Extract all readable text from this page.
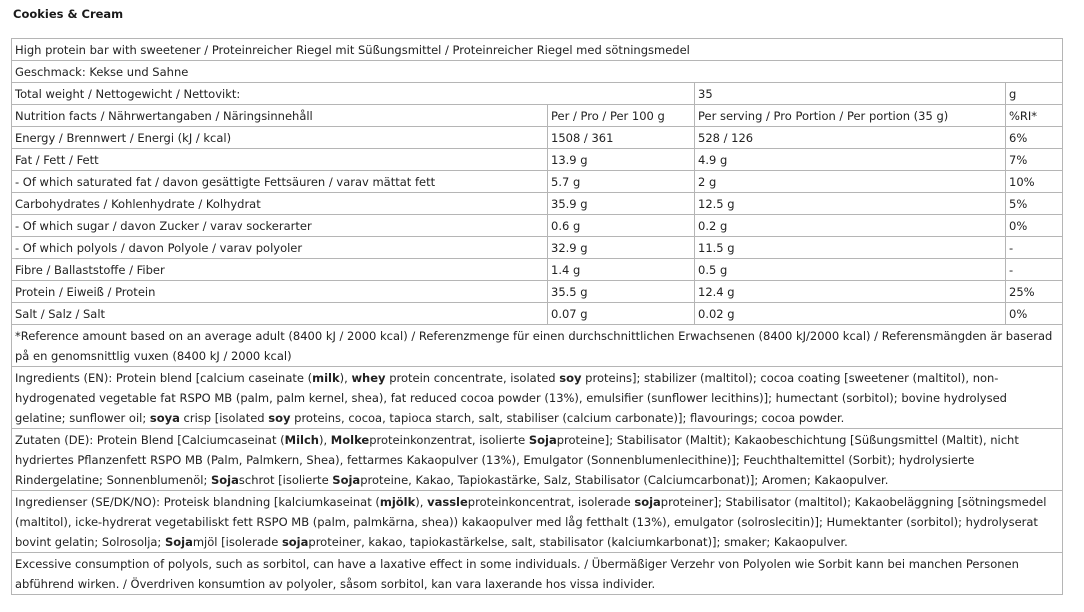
Cookies & Cream
High protein bar with sweetener / Proteinreicher Riegel mit Süßungsmittel / Proteinreicher Riegel med sötningsmedel			
Geschmack: Kekse und Sahne			
Total weight / Nettogewicht / Nettovikt:		35	g
Nutrition facts / Nährwertangaben / Näringsinnehåll	Per / Pro / Per 100 g	Per serving / Pro Portion / Per portion (35 g)	%RI*
Energy / Brennwert / Energi (kJ / kcal)	1508 / 361	528 / 126	6%
Fat / Fett / Fett	13.9 g	4.9 g	7%
- Of which saturated fat / davon gesättigte Fettsäuren / varav mättat fett	5.7 g	2 g	10%
Carbohydrates / Kohlenhydrate / Kolhydrat	35.9 g	12.5 g	5%
- Of which sugar / davon Zucker / varav sockerarter	0.6 g	0.2 g	0%
- Of which polyols / davon Polyole / varav polyoler	32.9 g	11.5 g	-
Fibre / Ballaststoffe / Fiber	1.4 g	0.5 g	-
Protein / Eiweiß / Protein	35.5 g	12.4 g	25%
Salt / Salz / Salt	0.07 g	0.02 g	0%
*Reference amount based on an average adult (8400 kJ / 2000 kcal) / Referenzmenge für einen durchschnittlichen Erwachsenen (8400 kJ/2000 kcal) / Referensmängden är baserad på en genomsnittlig vuxen (8400 kJ / 2000 kcal)			
Ingredients (EN): Protein blend [calcium caseinate (milk), whey protein concentrate, isolated soy proteins]; stabilizer (maltitol); cocoa coating [sweetener (maltitol), non-hydrogenated vegetable fat RSPO MB (palm, palm kernel, shea), fat reduced cocoa powder (13%), emulsifier (sunflower lecithins)]; humectant (sorbitol); bovine hydrolysed gelatine; sunflower oil; soya crisp [isolated soy proteins, cocoa, tapioca starch, salt, stabiliser (calcium carbonate)]; flavourings; cocoa powder.			
Zutaten (DE): Protein Blend [Calciumcaseinat (Milch), Molkeproteinkonzentrat, isolierte Sojaproteine]; Stabilisator (Maltit); Kakaobeschichtung [Süßungsmittel (Maltit), nicht hydriertes Pflanzenfett RSPO MB (Palm, Palmkern, Shea), fettarmes Kakaopulver (13%), Emulgator (Sonnenblumenlecithine)]; Feuchthaltemittel (Sorbit); hydrolysierte Rindergelatine; Sonnenblumenöl; Sojaschrot [isolierte Sojaproteine, Kakao, Tapiokastärke, Salz, Stabilisator (Calciumcarbonat)]; Aromen; Kakaopulver.			
Ingredienser (SE/DK/NO): Proteisk blandning [kalciumkaseinat (mjölk), vassleproteinkoncentrat, isolerade sojaproteiner]; Stabilisator (maltitol); Kakaobeläggning [sötningsmedel (maltitol), icke-hydrerat vegetabiliskt fett RSPO MB (palm, palmkärna, shea)) kakaopulver med låg fetthalt (13%), emulgator (solroslecitin)]; Humektanter (sorbitol); hydrolyserat bovint gelatin; Solrosolja; Sojamjöl [isolerade sojaproteiner, kakao, tapiokastärkelse, salt, stabilisator (kalciumkarbonat)]; smaker; Kakaopulver.			
Excessive consumption of polyols, such as sorbitol, can have a laxative effect in some individuals. / Übermäßiger Verzehr von Polyolen wie Sorbit kann bei manchen Personen abführend wirken. / Överdriven konsumtion av polyoler, såsom sorbitol, kan vara laxerande hos vissa individer.			
